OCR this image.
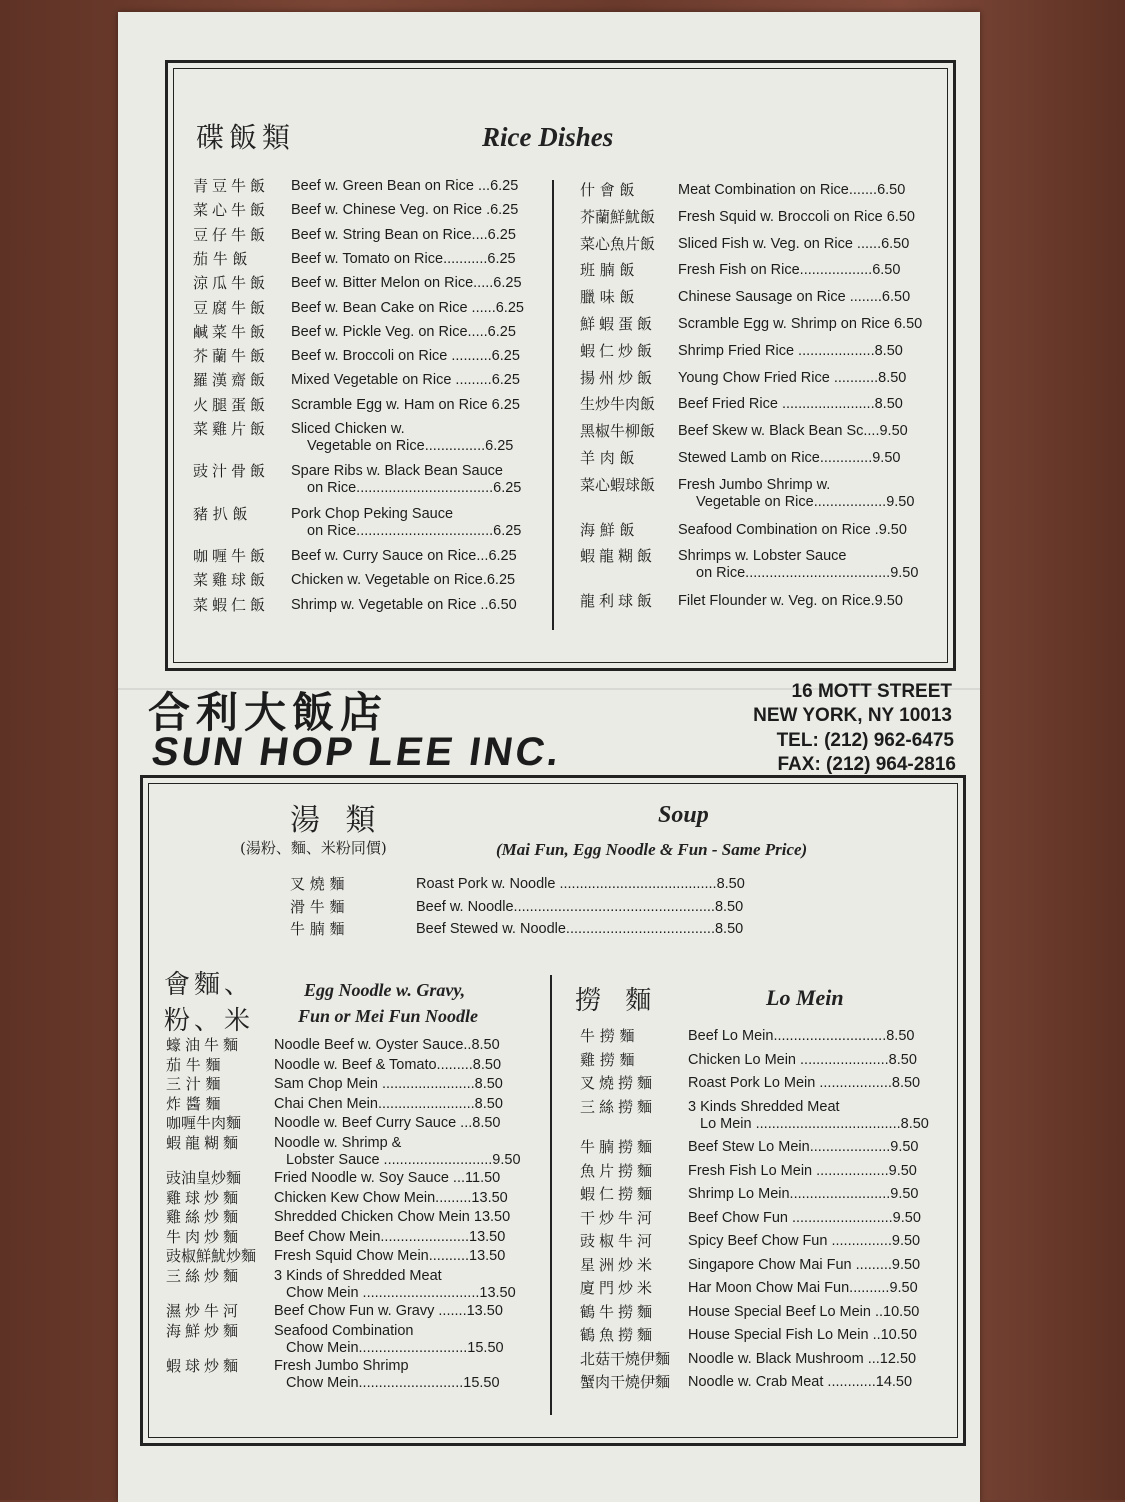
碟飯類	Rice Dishes
青豆牛飯	Beef w. Green Bean on Rice ...6.25
菜心牛飯	Beef w. Chinese Veg. on Rice .6.25
豆仔牛飯	Beef w. String Bean on Rice....6.25
茄 牛 飯	Beef w. Tomato on Rice...........6.25
涼瓜牛飯	Beef w. Bitter Melon on Rice.....6.25
豆腐牛飯	Beef w. Bean Cake on Rice ......6.25
鹹菜牛飯	Beef w. Pickle Veg. on Rice.....6.25
芥蘭牛飯	Beef w. Broccoli on Rice ..........6.25
羅漢齋飯	Mixed Vegetable on Rice .........6.25
火腿蛋飯	Scramble Egg w. Ham on Rice 6.25
菜雞片飯	Sliced Chicken w.
Vegetable on Rice...............6.25
豉汁骨飯	Spare Ribs w. Black Bean Sauce
on Rice..................................6.25
豬 扒 飯	Pork Chop Peking Sauce
on Rice..................................6.25
咖喱牛飯	Beef w. Curry Sauce on Rice...6.25
菜雞球飯	Chicken w. Vegetable on Rice.6.25
菜蝦仁飯	Shrimp w. Vegetable on Rice ..6.50
什 會 飯	Meat Combination on Rice.......6.50
芥蘭鮮魷飯	Fresh Squid w. Broccoli on Rice 6.50
菜心魚片飯	Sliced Fish w. Veg. on Rice ......6.50
班 腩 飯	Fresh Fish on Rice..................6.50
臘 味 飯	Chinese Sausage on Rice ........6.50
鮮蝦蛋飯	Scramble Egg w. Shrimp on Rice 6.50
蝦仁炒飯	Shrimp Fried Rice ...................8.50
揚州炒飯	Young Chow Fried Rice ...........8.50
生炒牛肉飯	Beef Fried Rice .......................8.50
黑椒牛柳飯	Beef Skew w. Black Bean Sc....9.50
羊 肉 飯	Stewed Lamb on Rice.............9.50
菜心蝦球飯	Fresh Jumbo Shrimp w.
Vegetable on Rice..................9.50
海 鮮 飯	Seafood Combination on Rice .9.50
蝦龍糊飯	Shrimps w. Lobster Sauce
on Rice....................................9.50
龍利球飯	Filet Flounder w. Veg. on Rice.9.50
合利大飯店
SUN HOP LEE INC.
16 MOTT STREET
NEW YORK, NY 10013
TEL: (212) 962-6475
FAX: (212) 964-2816
湯 類
(湯粉、麵、米粉同價)
Soup
(Mai Fun, Egg Noodle & Fun - Same Price)
叉 燒 麵	Roast Pork w. Noodle .......................................8.50
滑 牛 麵	Beef w. Noodle..................................................8.50
牛 腩 麵	Beef Stewed w. Noodle.....................................8.50
會麵、
粉、米
Egg Noodle w. Gravy,
Fun or Mei Fun Noodle
蠔油牛麵	Noodle Beef w. Oyster Sauce..8.50
茄 牛 麵	Noodle w. Beef & Tomato.........8.50
三 汁 麵	Sam Chop Mein .......................8.50
炸 醬 麵	Chai Chen Mein........................8.50
咖喱牛肉麵	Noodle w. Beef Curry Sauce ...8.50
蝦龍糊麵	Noodle w. Shrimp &
Lobster Sauce ...........................9.50
豉油皇炒麵	Fried Noodle w. Soy Sauce ...11.50
雞球炒麵	Chicken Kew Chow Mein.........13.50
雞絲炒麵	Shredded Chicken Chow Mein 13.50
牛肉炒麵	Beef Chow Mein......................13.50
豉椒鮮魷炒麵	Fresh Squid Chow Mein..........13.50
三絲炒麵	3 Kinds of Shredded Meat
Chow Mein .............................13.50
濕炒牛河	Beef Chow Fun w. Gravy .......13.50
海鮮炒麵	Seafood Combination
Chow Mein...........................15.50
蝦球炒麵	Fresh Jumbo Shrimp
Chow Mein..........................15.50
撈 麵	Lo Mein
牛 撈 麵	Beef Lo Mein............................8.50
雞 撈 麵	Chicken Lo Mein ......................8.50
叉燒撈麵	Roast Pork Lo Mein ..................8.50
三絲撈麵	3 Kinds Shredded Meat
Lo Mein ....................................8.50
牛腩撈麵	Beef Stew Lo Mein....................9.50
魚片撈麵	Fresh Fish Lo Mein ..................9.50
蝦仁撈麵	Shrimp Lo Mein.........................9.50
干炒牛河	Beef Chow Fun .........................9.50
豉椒牛河	Spicy Beef Chow Fun ...............9.50
星洲炒米	Singapore Chow Mai Fun .........9.50
廈門炒米	Har Moon Chow Mai Fun..........9.50
鶴牛撈麵	House Special Beef Lo Mein ..10.50
鶴魚撈麵	House Special Fish Lo Mein ..10.50
北菇干燒伊麵	Noodle w. Black Mushroom ...12.50
蟹肉干燒伊麵	Noodle w. Crab Meat ............14.50
